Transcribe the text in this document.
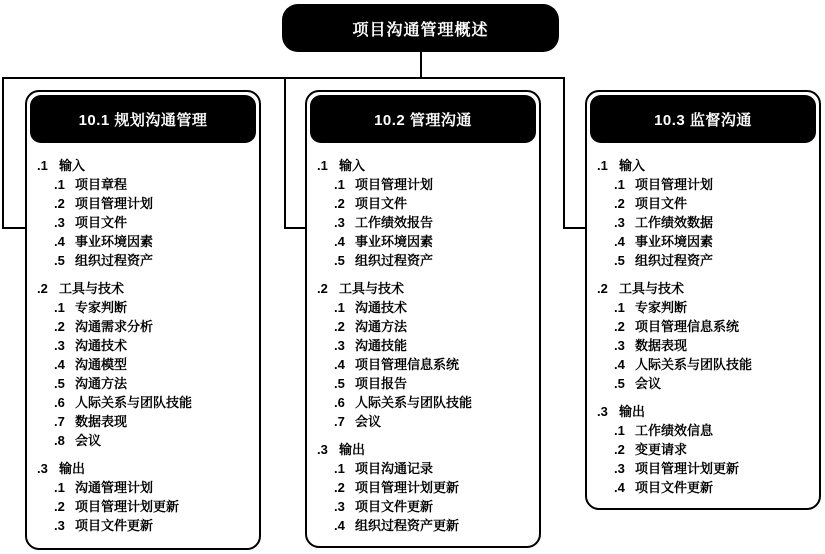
项目沟通管理概述
10.1 规划沟通管理
.1 输入
.1 项目章程
.2 项目管理计划
.3 项目文件
.4 事业环境因素
.5 组织过程资产
.2 工具与技术
.1 专家判断
.2 沟通需求分析
.3 沟通技术
.4 沟通模型
.5 沟通方法
.6 人际关系与团队技能
.7 数据表现
.8 会议
.3 输出
.1 沟通管理计划
.2 项目管理计划更新
.3 项目文件更新
10.2 管理沟通
.1 输入
.1 项目管理计划
.2 项目文件
.3 工作绩效报告
.4 事业环境因素
.5 组织过程资产
.2 工具与技术
.1 沟通技术
.2 沟通方法
.3 沟通技能
.4 项目管理信息系统
.5 项目报告
.6 人际关系与团队技能
.7 会议
.3 输出
.1 项目沟通记录
.2 项目管理计划更新
.3 项目文件更新
.4 组织过程资产更新
10.3 监督沟通
.1 输入
.1 项目管理计划
.2 项目文件
.3 工作绩效数据
.4 事业环境因素
.5 组织过程资产
.2 工具与技术
.1 专家判断
.2 项目管理信息系统
.3 数据表现
.4 人际关系与团队技能
.5 会议
.3 输出
.1 工作绩效信息
.2 变更请求
.3 项目管理计划更新
.4 项目文件更新
